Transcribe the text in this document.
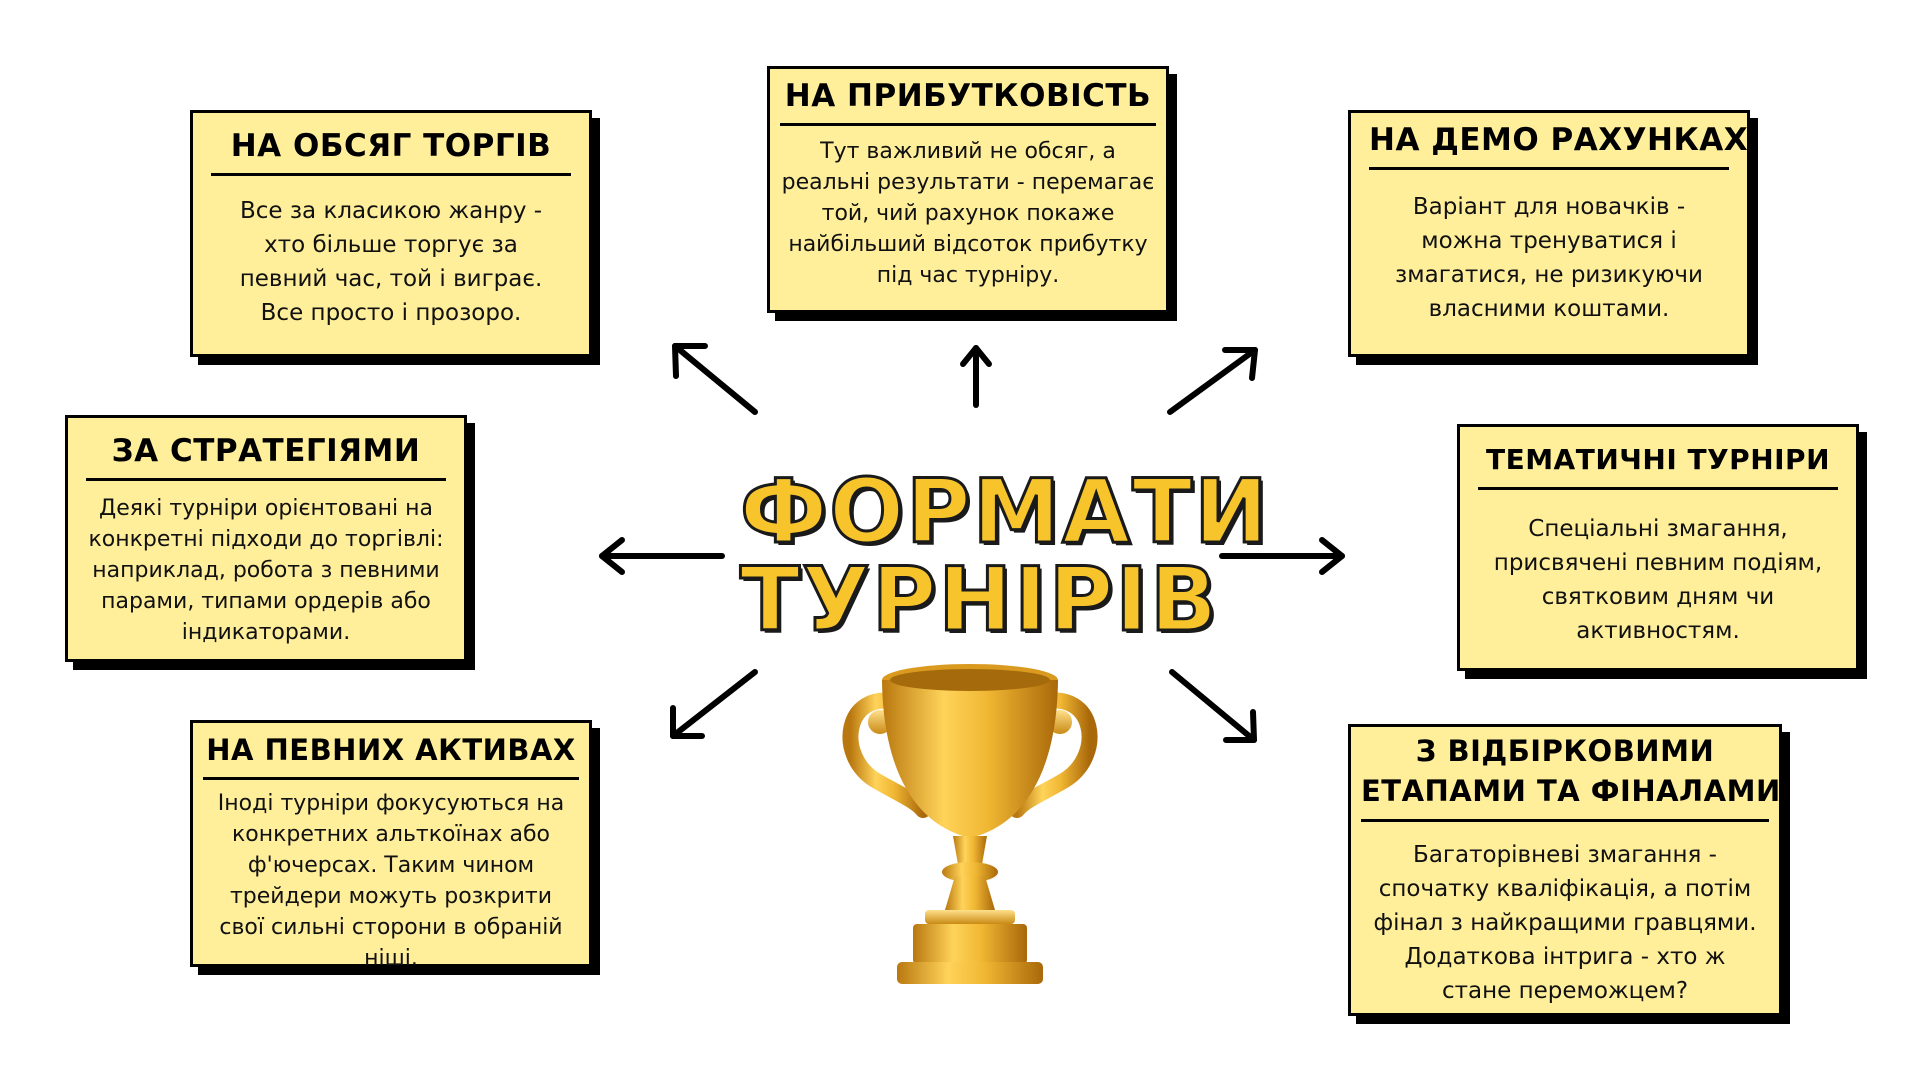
НА ОБСЯГ ТОРГІВ
Все за класикою жанру - хто більше торгує за певний час, той і виграє. Все просто і прозоро.
НА ПРИБУТКОВІСТЬ
Тут важливий не обсяг, а реальні результати - перемагає той, чий рахунок покаже найбільший відсоток прибутку під час турніру.
НА ДЕМО РАХУНКАХ
Варіант для новачків - можна тренуватися і змагатися, не ризикуючи власними коштами.
ЗА СТРАТЕГІЯМИ
Деякі турніри орієнтовані на конкретні підходи до торгівлі: наприклад, робота з певними парами, типами ордерів або індикаторами.
ТЕМАТИЧНІ ТУРНІРИ
Спеціальні змагання, присвячені певним подіям, святковим дням чи активностям.
НА ПЕВНИХ АКТИВАХ
Іноді турніри фокусуються на конкретних альткоїнах або ф'ючерсах. Таким чином трейдери можуть розкрити свої сильні сторони в обраній ніші.
З ВІДБІРКОВИМИ
ЕТАПАМИ ТА ФІНАЛАМИ
Багаторівневі змагання - спочатку кваліфікація, а потім фінал з найкращими гравцями. Додаткова інтрига - хто ж стане переможцем?
ФОРМАТИ
ТУРНІРІВ
